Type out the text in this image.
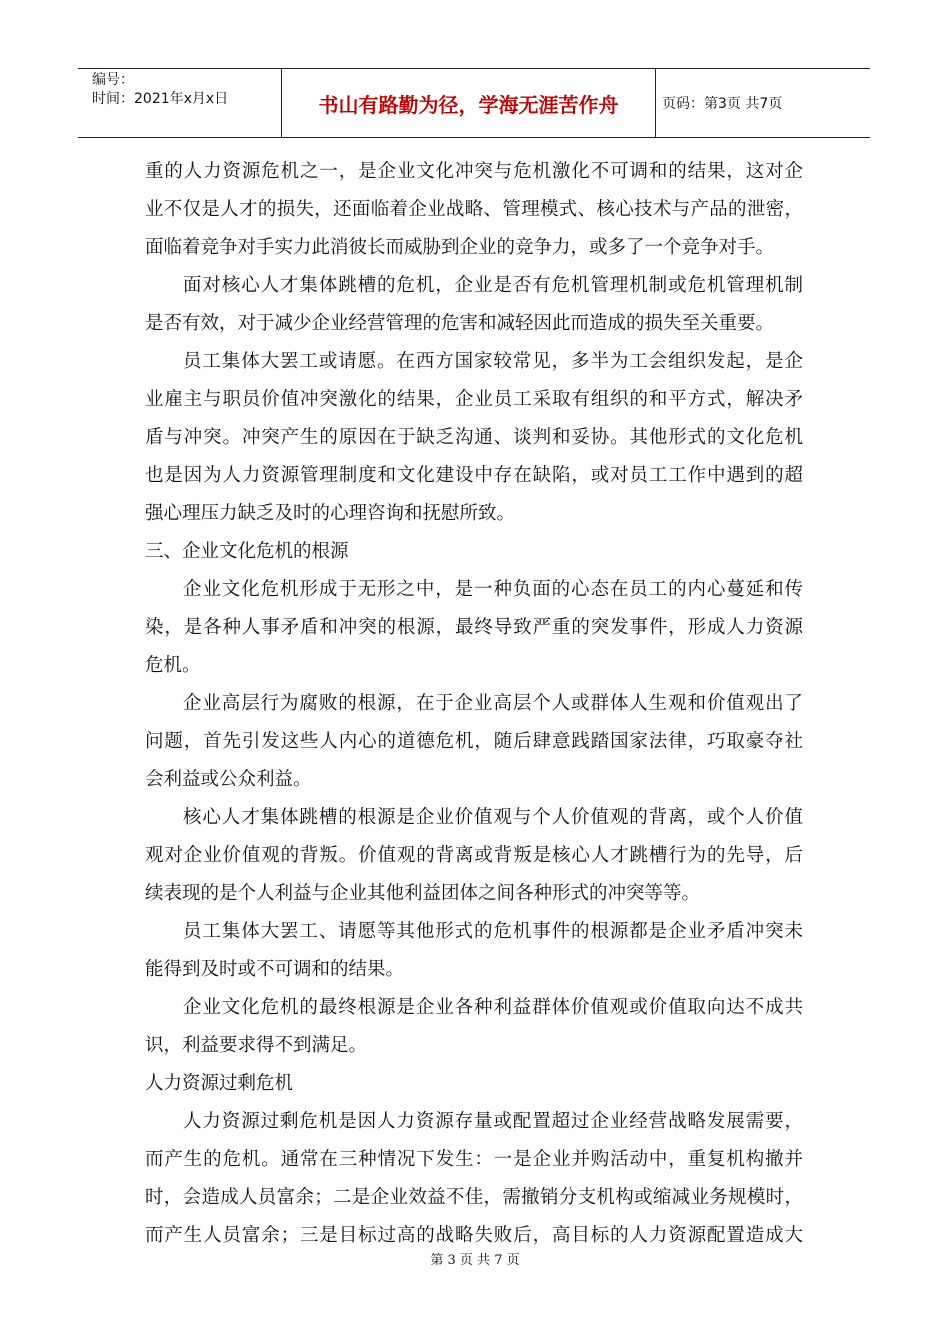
编号：
时间：2021年x月x日	书山有路勤为径，学海无涯苦作舟	页码：第3页 共7页
重的人力资源危机之一，是企业文化冲突与危机激化不可调和的结果，这对企
业不仅是人才的损失，还面临着企业战略、管理模式、核心技术与产品的泄密，
面临着竞争对手实力此消彼长而威胁到企业的竞争力，或多了一个竞争对手。
面对核心人才集体跳槽的危机，企业是否有危机管理机制或危机管理机制
是否有效，对于减少企业经营管理的危害和减轻因此而造成的损失至关重要。
员工集体大罢工或请愿。在西方国家较常见，多半为工会组织发起，是企
业雇主与职员价值冲突激化的结果，企业员工采取有组织的和平方式，解决矛
盾与冲突。冲突产生的原因在于缺乏沟通、谈判和妥协。其他形式的文化危机
也是因为人力资源管理制度和文化建设中存在缺陷，或对员工工作中遇到的超
强心理压力缺乏及时的心理咨询和抚慰所致。
三、企业文化危机的根源
企业文化危机形成于无形之中，是一种负面的心态在员工的内心蔓延和传
染，是各种人事矛盾和冲突的根源，最终导致严重的突发事件，形成人力资源
危机。
企业高层行为腐败的根源，在于企业高层个人或群体人生观和价值观出了
问题，首先引发这些人内心的道德危机，随后肆意践踏国家法律，巧取豪夺社
会利益或公众利益。
核心人才集体跳槽的根源是企业价值观与个人价值观的背离，或个人价值
观对企业价值观的背叛。价值观的背离或背叛是核心人才跳槽行为的先导，后
续表现的是个人利益与企业其他利益团体之间各种形式的冲突等等。
员工集体大罢工、请愿等其他形式的危机事件的根源都是企业矛盾冲突未
能得到及时或不可调和的结果。
企业文化危机的最终根源是企业各种利益群体价值观或价值取向达不成共
识，利益要求得不到满足。
人力资源过剩危机
人力资源过剩危机是因人力资源存量或配置超过企业经营战略发展需要，
而产生的危机。通常在三种情况下发生：一是企业并购活动中，重复机构撤并
时，会造成人员富余；二是企业效益不佳，需撤销分支机构或缩减业务规模时，
而产生人员富余；三是目标过高的战略失败后，高目标的人力资源配置造成大
第 3 页 共 7 页
